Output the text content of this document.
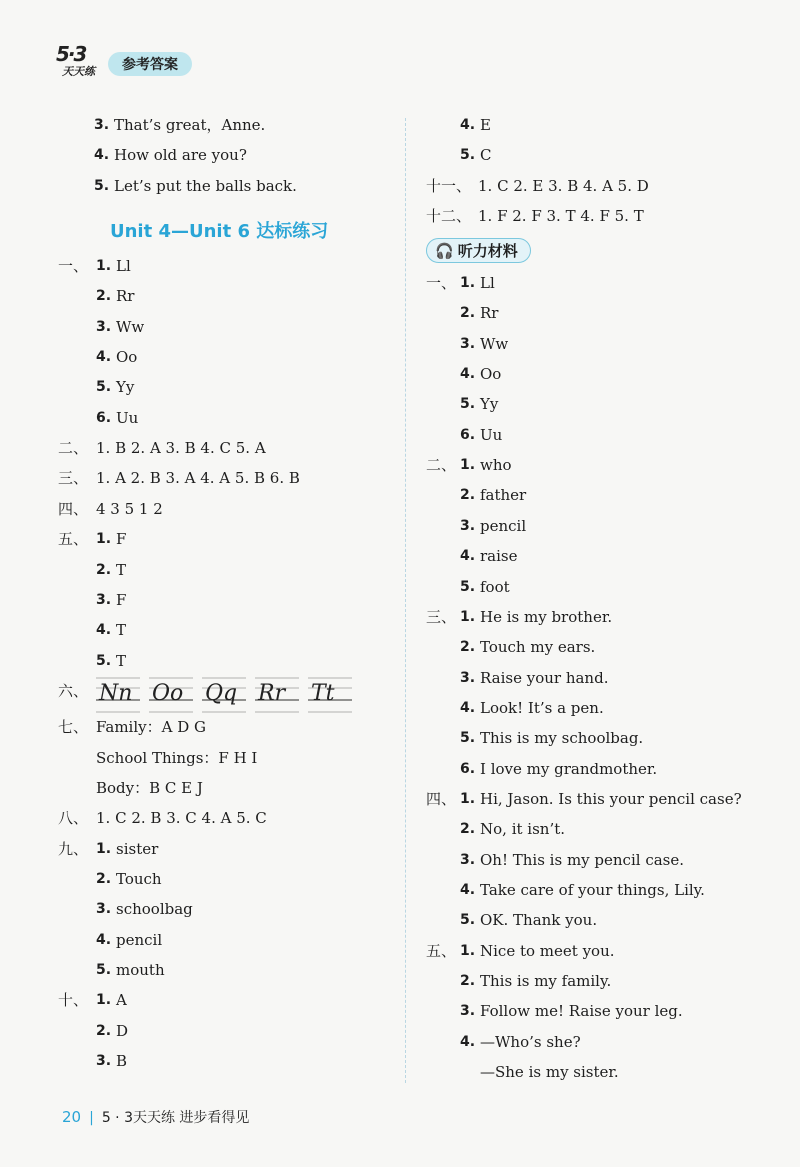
5·3
天天练	参考答案
Unit 4—Unit 6 达标练习
🎧 听力材料
3. That’s great，Anne.
4. How old are you?
5. Let’s put the balls back.
一、 1. Ll
2. Rr
3. Ww
4. Oo
5. Yy
6. Uu
二、 1. B 2. A 3. B 4. C 5. A
三、 1. A 2. B 3. A 4. A 5. B 6. B
四、 4 3 5 1 2
五、 1. F
2. T
3. F
4. T
5. T
六、
七、 Family：A D G
School Things：F H I
Body：B C E J
八、 1. C 2. B 3. C 4. A 5. C
九、 1. sister
2. Touch
3. schoolbag
4. pencil
5. mouth
十、 1. A
2. D
3. B
4. E
5. C
十一、 1. C 2. E 3. B 4. A 5. D
十二、 1. F 2. F 3. T 4. F 5. T
一、 1. Ll
2. Rr
3. Ww
4. Oo
5. Yy
6. Uu
二、 1. who
2. father
3. pencil
4. raise
5. foot
三、 1. He is my brother.
2. Touch my ears.
3. Raise your hand.
4. Look! It’s a pen.
5. This is my schoolbag.
6. I love my grandmother.
四、 1. Hi, Jason. Is this your pencil case?
2. No, it isn’t.
3. Oh! This is my pencil case.
4. Take care of your things, Lily.
5. OK. Thank you.
五、 1. Nice to meet you.
2. This is my family.
3. Follow me! Raise your leg.
4. —Who’s she?
—She is my sister.
Nn Oo Qq Rr Tt
20 | 5 · 3天天练 进步看得见
